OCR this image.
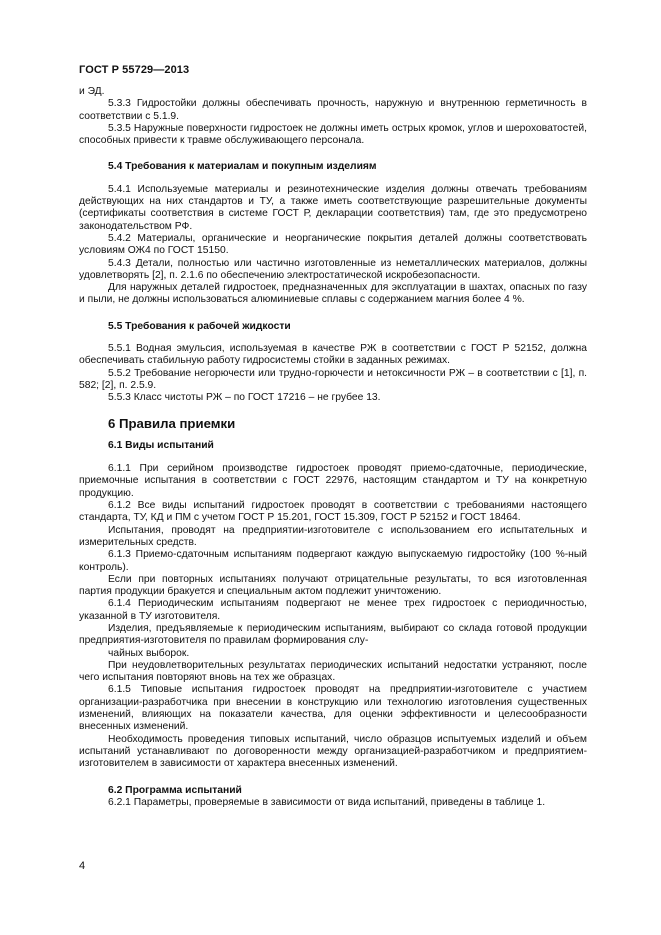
ГОСТ Р 55729—2013

и ЭД.

5.3.3 Гидростойки должны обеспечивать прочность, наружную и внутреннюю герметичность в соответствии с 5.1.9.

5.3.5 Наружные поверхности гидростоек не должны иметь острых кромок, углов и шероховатостей, способных привести к травме обслуживающего персонала.

5.4 Требования к материалам и покупным изделиям

5.4.1 Используемые материалы и резинотехнические изделия должны отвечать требованиям действующих на них стандартов и ТУ, а также иметь соответствующие разрешительные документы (сертификаты соответствия в системе ГОСТ Р, декларации соответствия) там, где это предусмотрено законодательством РФ.

5.4.2 Материалы, органические и неорганические покрытия деталей должны соответствовать условиям ОЖ4 по ГОСТ 15150.

5.4.3 Детали, полностью или частично изготовленные из неметаллических материалов, должны удовлетворять [2], п. 2.1.6 по обеспечению электростатической искробезопасности.

Для наружных деталей гидростоек, предназначенных для эксплуатации в шахтах, опасных по газу и пыли, не должны использоваться алюминиевые сплавы с содержанием магния более 4 %.

5.5 Требования к рабочей жидкости

5.5.1 Водная эмульсия, используемая в качестве РЖ в соответствии с ГОСТ Р 52152, должна обеспечивать стабильную работу гидросистемы стойки в заданных режимах.

5.5.2 Требование негорючести или трудно-горючести и нетоксичности РЖ – в соответствии с [1], п. 582; [2], п. 2.5.9.

5.5.3 Класс чистоты РЖ – по ГОСТ 17216 – не грубее 13.

6 Правила приемки

6.1 Виды испытаний

6.1.1 При серийном производстве гидростоек проводят приемо-сдаточные, периодические, приемочные испытания в соответствии с ГОСТ 22976, настоящим стандартом и ТУ на конкретную продукцию.

6.1.2 Все виды испытаний гидростоек проводят в соответствии с требованиями настоящего стандарта, ТУ, КД и ПМ с учетом ГОСТ Р 15.201, ГОСТ 15.309, ГОСТ Р 52152 и ГОСТ 18464.

Испытания, проводят на предприятии-изготовителе с использованием его испытательных и измерительных средств.

6.1.3 Приемо-сдаточным испытаниям подвергают каждую выпускаемую гидростойку (100 %-ный контроль).

Если при повторных испытаниях получают отрицательные результаты, то вся изготовленная партия продукции бракуется и специальным актом подлежит уничтожению.

6.1.4 Периодическим испытаниям подвергают не менее трех гидростоек с периодичностью, указанной в ТУ изготовителя.

Изделия, предъявляемые к периодическим испытаниям, выбирают со склада готовой продукции предприятия-изготовителя по правилам формирования слу-

чайных выборок.

При неудовлетворительных результатах периодических испытаний недостатки устраняют, после чего испытания повторяют вновь на тех же образцах.

6.1.5 Типовые испытания гидростоек проводят на предприятии-изготовителе с участием организации-разработчика при внесении в конструкцию или технологию изготовления существенных изменений, влияющих на показатели качества, для оценки эффективности и целесообразности внесенных изменений.

Необходимость проведения типовых испытаний, число образцов испытуемых изделий и объем испытаний устанавливают по договоренности между организацией-разработчиком и предприятием-изготовителем в зависимости от характера внесенных изменений.

6.2 Программа испытаний

6.2.1 Параметры, проверяемые в зависимости от вида испытаний, приведены в таблице 1.

4
